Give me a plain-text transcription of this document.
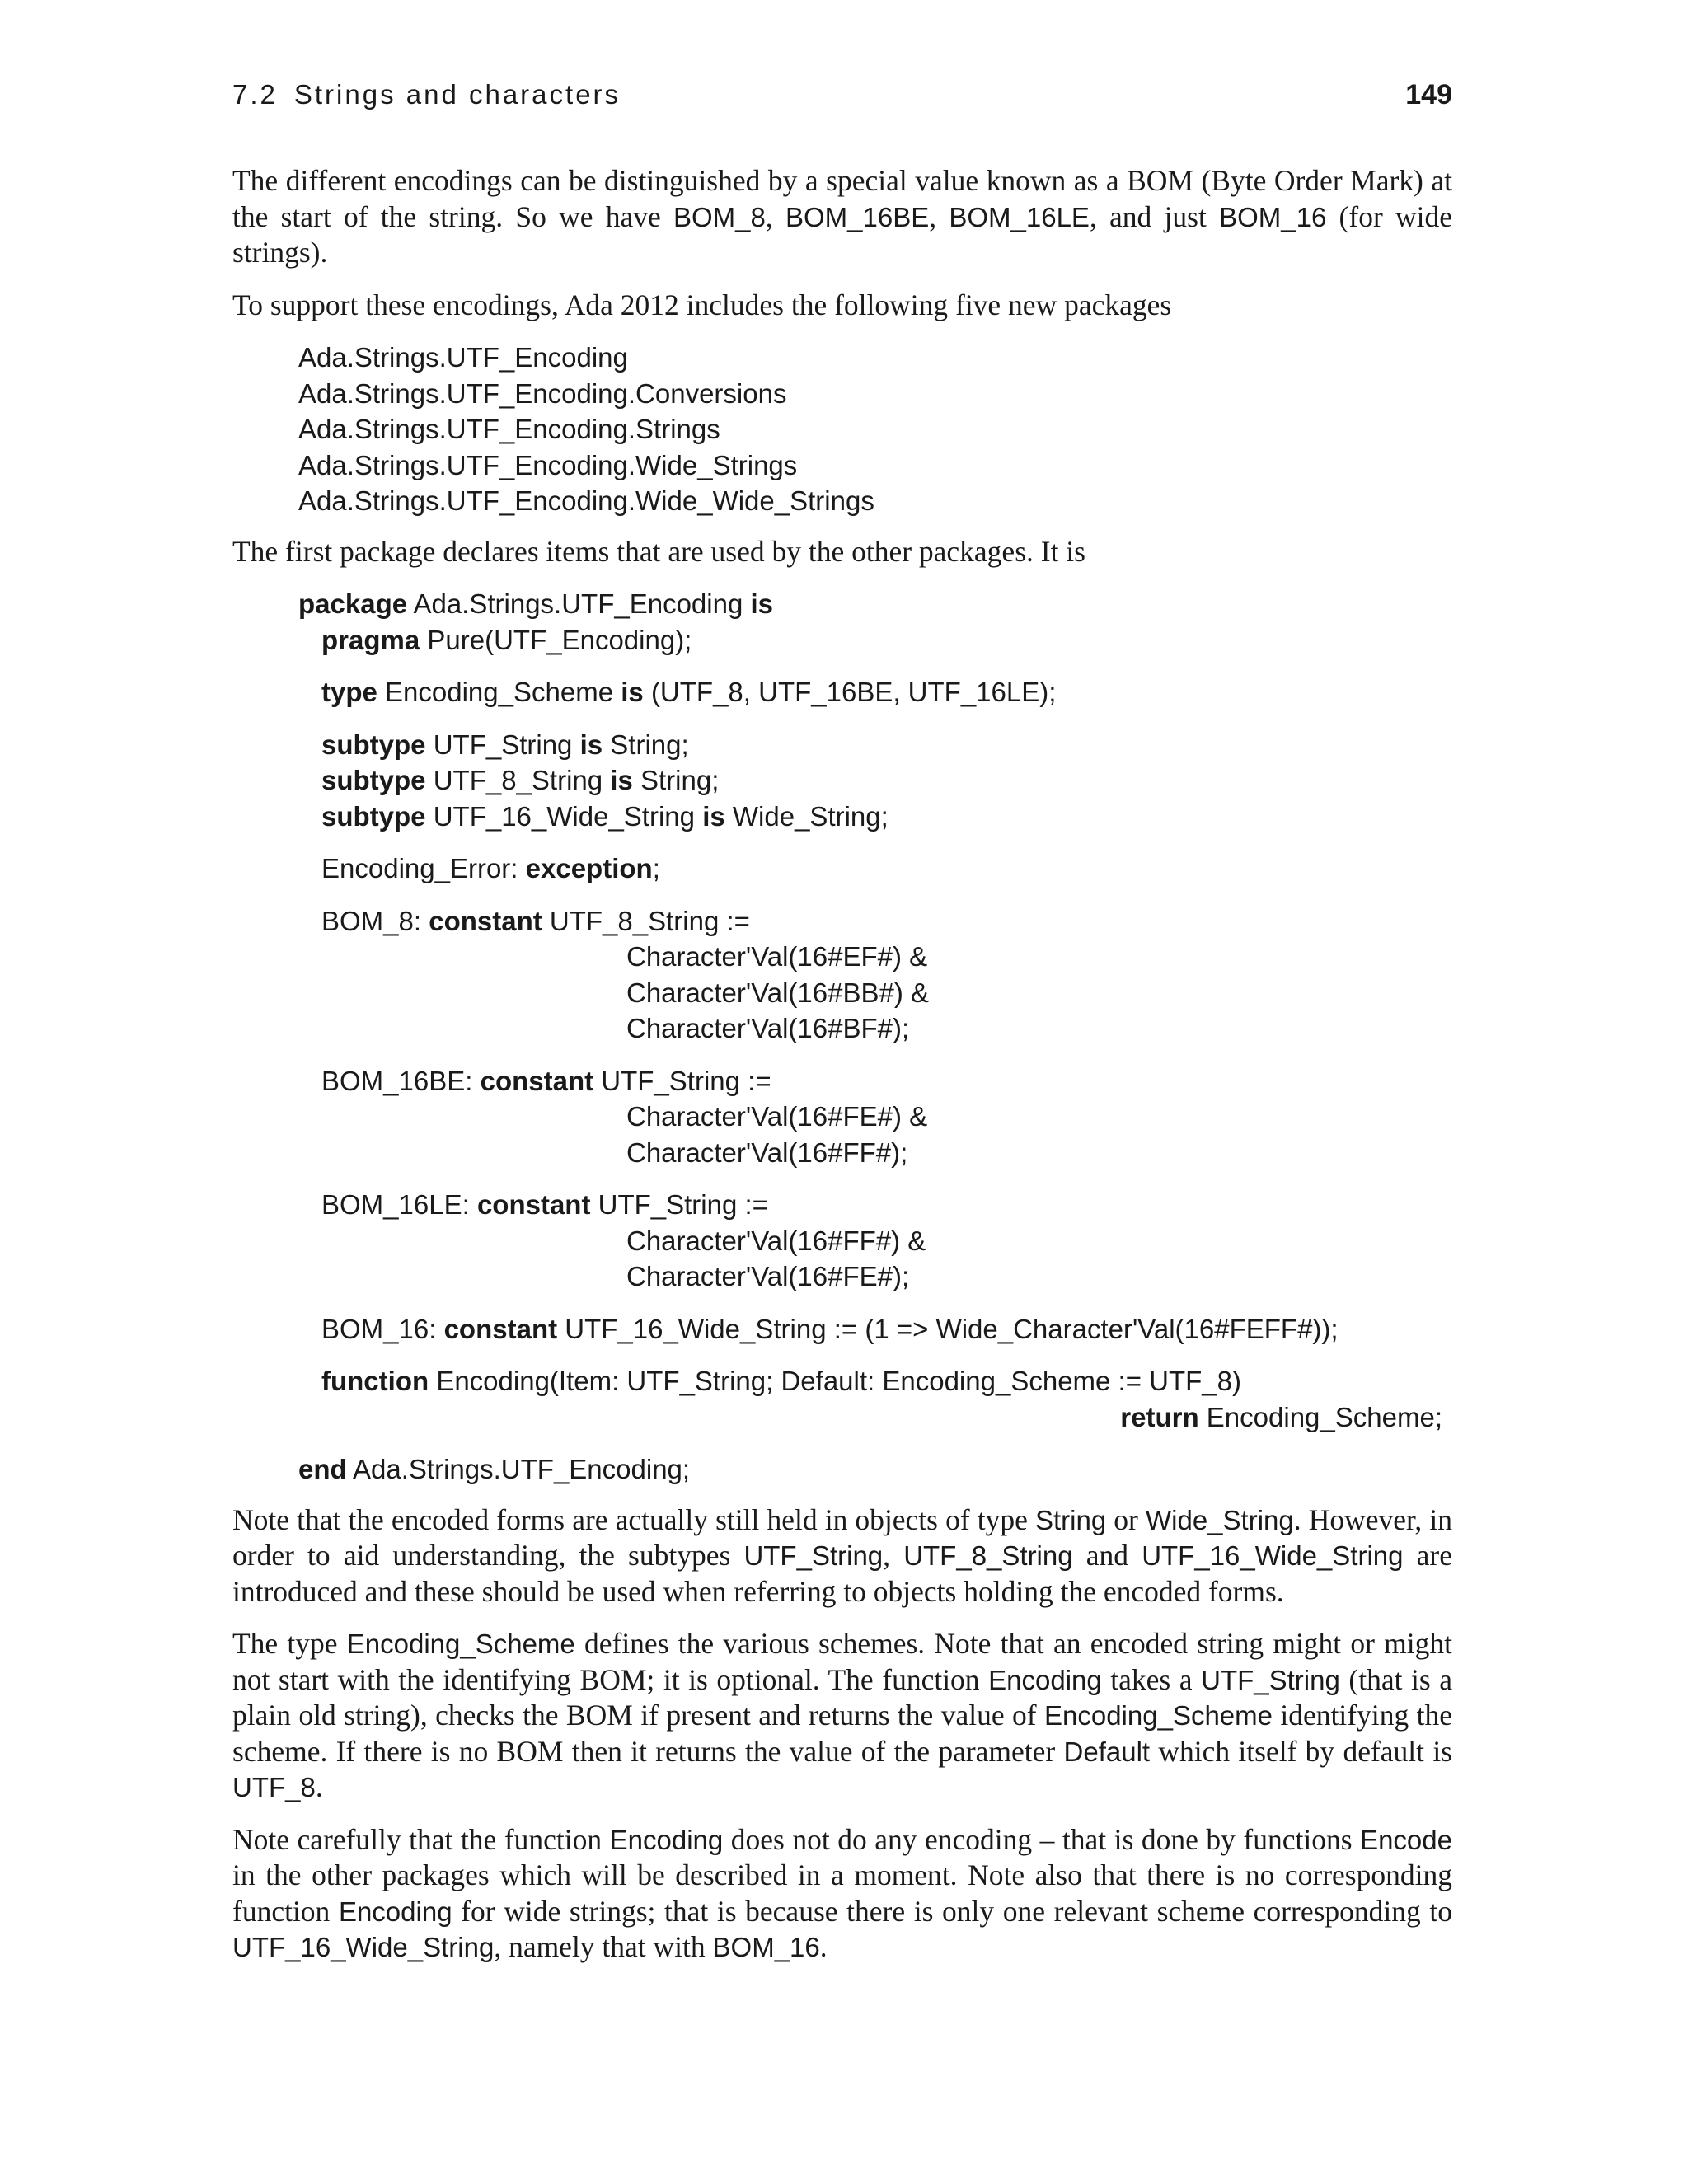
7.2 Strings and characters	149

The different encodings can be distinguished by a special value known as a BOM (Byte Order Mark) at the start of the string. So we have BOM_8, BOM_16BE, BOM_16LE, and just BOM_16 (for wide strings).

To support these encodings, Ada 2012 includes the following five new packages

Ada.Strings.UTF_Encoding
Ada.Strings.UTF_Encoding.Conversions
Ada.Strings.UTF_Encoding.Strings
Ada.Strings.UTF_Encoding.Wide_Strings
Ada.Strings.UTF_Encoding.Wide_Wide_Strings

The first package declares items that are used by the other packages. It is

package Ada.Strings.UTF_Encoding is
pragma Pure(UTF_Encoding);
type Encoding_Scheme is (UTF_8, UTF_16BE, UTF_16LE);
subtype UTF_String is String;
subtype UTF_8_String is String;
subtype UTF_16_Wide_String is Wide_String;
Encoding_Error: exception;
BOM_8: constant UTF_8_String :=
Character'Val(16#EF#) &
Character'Val(16#BB#) &
Character'Val(16#BF#);
BOM_16BE: constant UTF_String :=
Character'Val(16#FE#) &
Character'Val(16#FF#);
BOM_16LE: constant UTF_String :=
Character'Val(16#FF#) &
Character'Val(16#FE#);
BOM_16: constant UTF_16_Wide_String := (1 => Wide_Character'Val(16#FEFF#));
function Encoding(Item: UTF_String; Default: Encoding_Scheme := UTF_8)
return Encoding_Scheme;
end Ada.Strings.UTF_Encoding;

Note that the encoded forms are actually still held in objects of type String or Wide_String. However, in order to aid understanding, the subtypes UTF_String, UTF_8_String and UTF_16_Wide_String are introduced and these should be used when referring to objects holding the encoded forms.

The type Encoding_Scheme defines the various schemes. Note that an encoded string might or might not start with the identifying BOM; it is optional. The function Encoding takes a UTF_String (that is a plain old string), checks the BOM if present and returns the value of Encoding_Scheme identifying the scheme. If there is no BOM then it returns the value of the parameter Default which itself by default is UTF_8.

Note carefully that the function Encoding does not do any encoding – that is done by functions Encode in the other packages which will be described in a moment. Note also that there is no corresponding function Encoding for wide strings; that is because there is only one relevant scheme corresponding to UTF_16_Wide_String, namely that with BOM_16.
